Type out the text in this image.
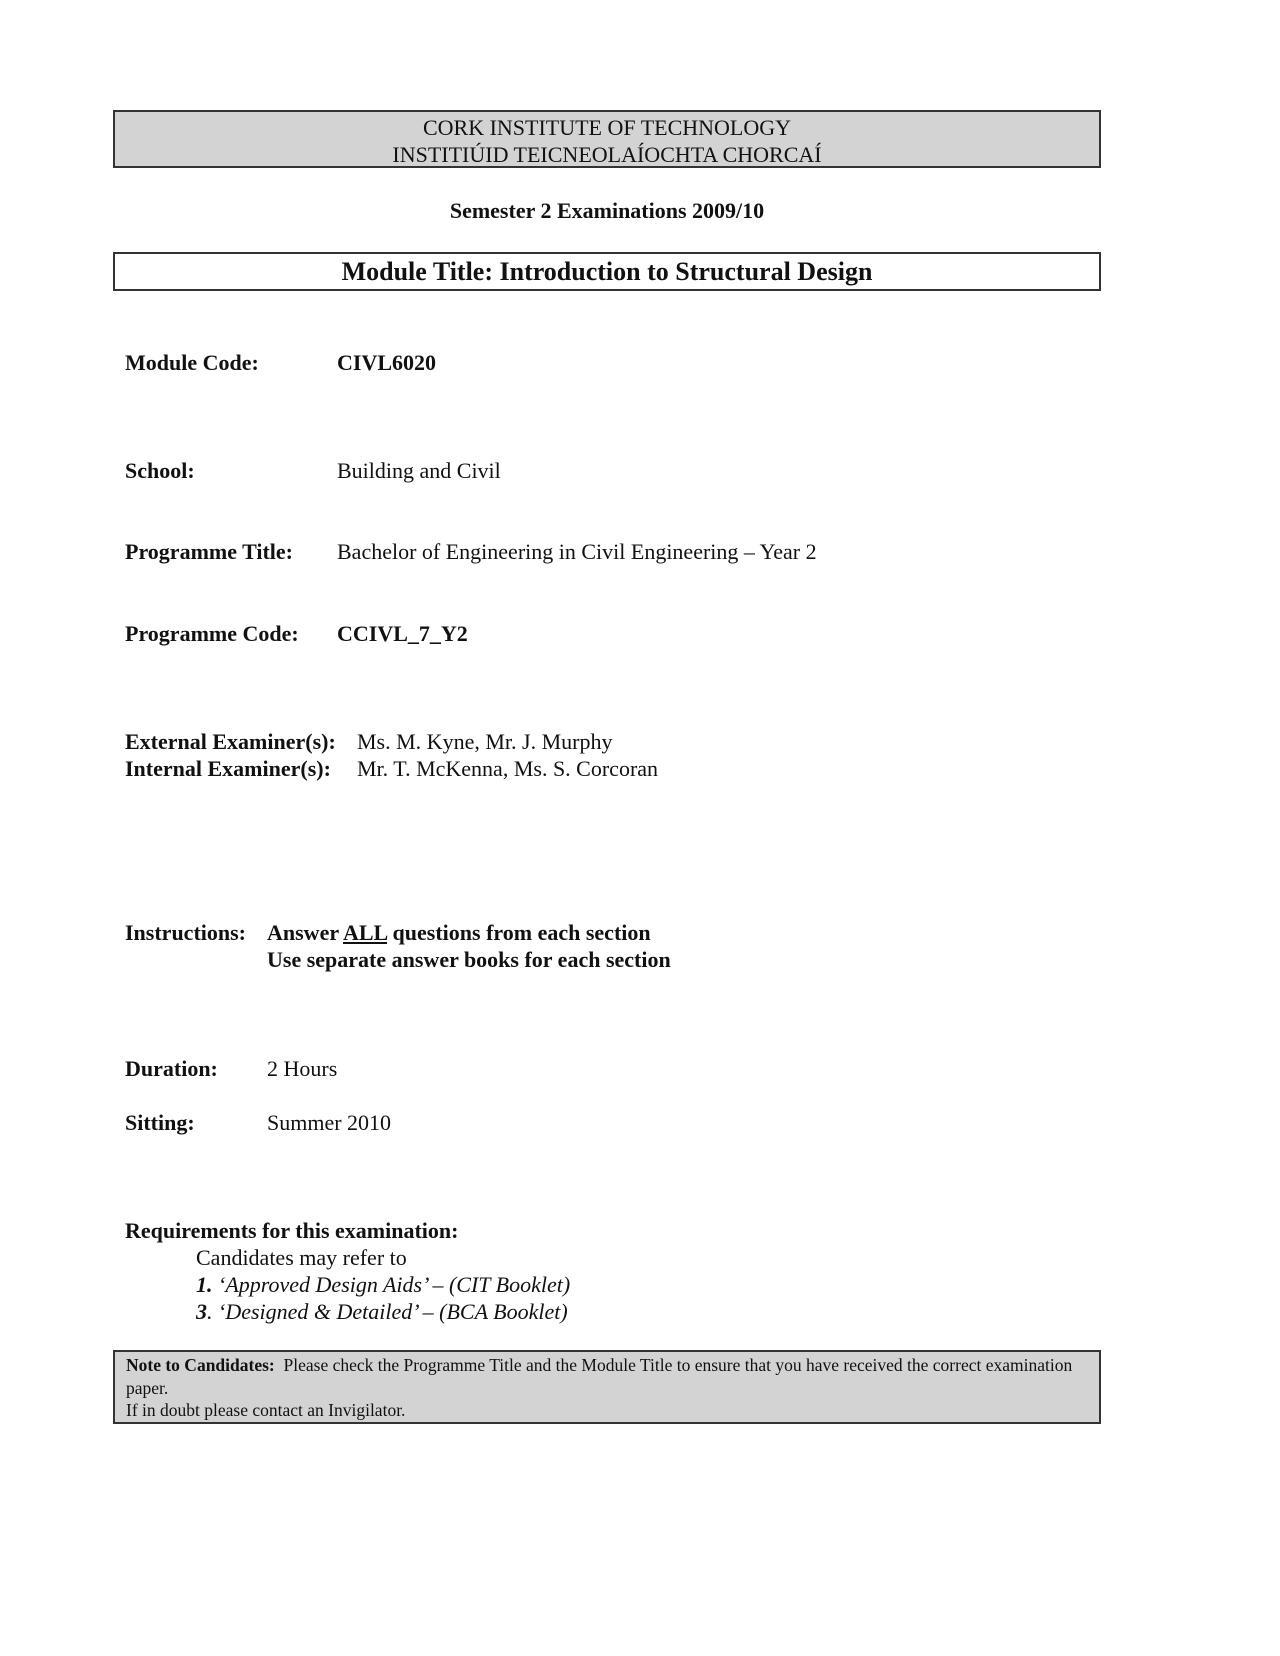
CORK INSTITUTE OF TECHNOLOGY
INSTITIÚID TEICNEOLAÍOCHTA CHORCAÍ
Semester 2 Examinations 2009/10
Module Title: Introduction to Structural Design
Module Code:	CIVL6020
School:	Building and Civil
Programme Title: Bachelor of Engineering in Civil Engineering – Year 2
Programme Code: CCIVL_7_Y2
External Examiner(s): Ms. M. Kyne, Mr. J. Murphy
Internal Examiner(s): Mr. T. McKenna, Ms. S. Corcoran
Instructions: Answer ALL questions from each section
Use separate answer books for each section
Duration: 2 Hours
Sitting:	Summer 2010
Requirements for this examination:
Candidates may refer to
1. ‘Approved Design Aids’ – (CIT Booklet)
3. ‘Designed & Detailed’ – (BCA Booklet)
Note to Candidates: Please check the Programme Title and the Module Title to ensure that you have received the correct examination paper.
If in doubt please contact an Invigilator.
